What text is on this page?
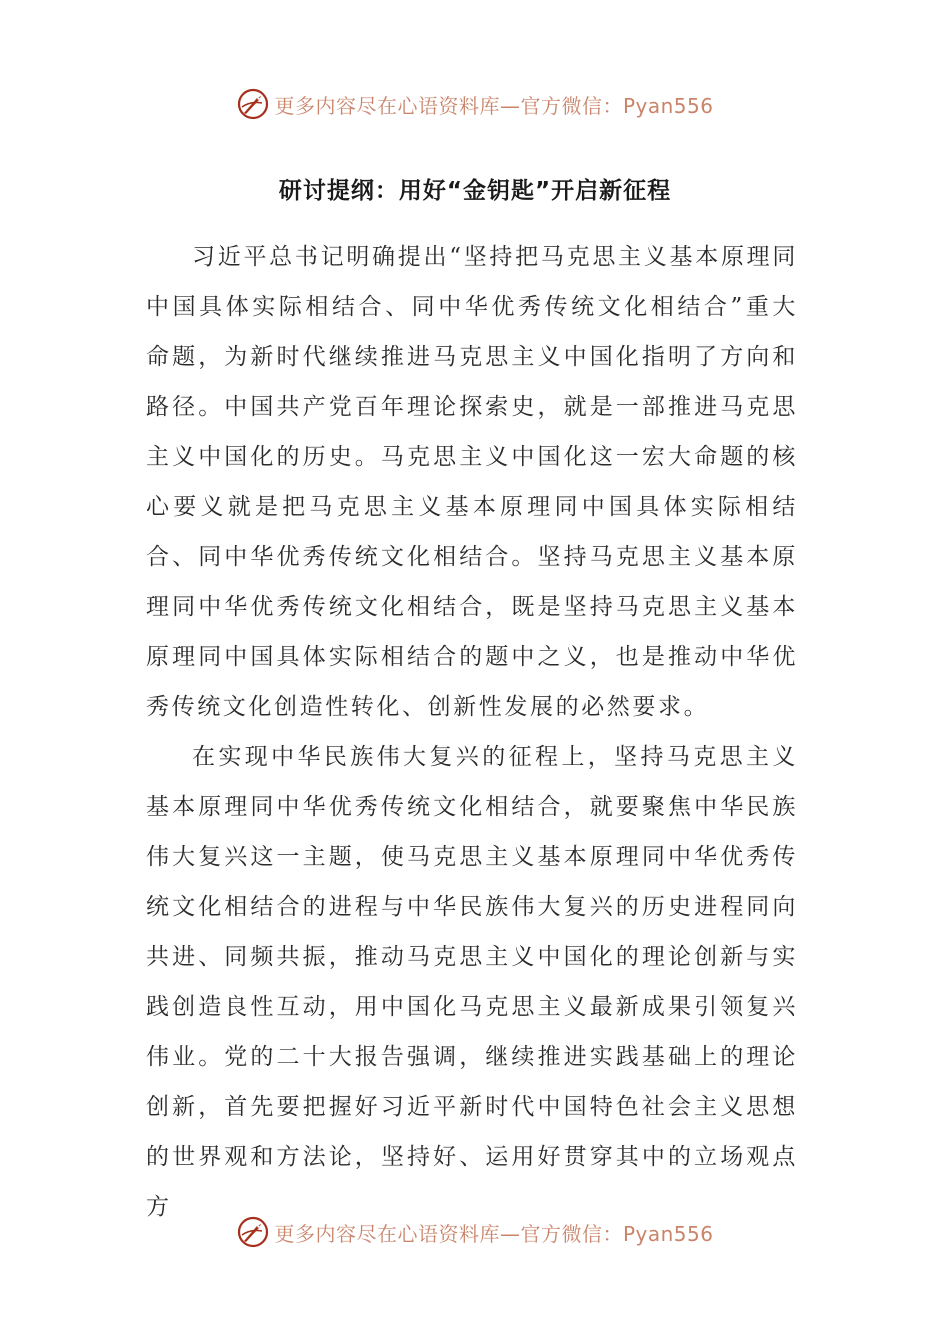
更多内容尽在心语资料库—官方微信：Pyan556
研讨提纲：用好“金钥匙”开启新征程

习近平总书记明确提出“坚持把马克思主义基本原理同中国具体实际相结合、同中华优秀传统文化相结合”重大命题，为新时代继续推进马克思主义中国化指明了方向和路径。中国共产党百年理论探索史，就是一部推进马克思主义中国化的历史。马克思主义中国化这一宏大命题的核心要义就是把马克思主义基本原理同中国具体实际相结合、同中华优秀传统文化相结合。坚持马克思主义基本原理同中华优秀传统文化相结合，既是坚持马克思主义基本原理同中国具体实际相结合的题中之义，也是推动中华优秀传统文化创造性转化、创新性发展的必然要求。

在实现中华民族伟大复兴的征程上，坚持马克思主义基本原理同中华优秀传统文化相结合，就要聚焦中华民族伟大复兴这一主题，使马克思主义基本原理同中华优秀传统文化相结合的进程与中华民族伟大复兴的历史进程同向共进、同频共振，推动马克思主义中国化的理论创新与实践创造良性互动，用中国化马克思主义最新成果引领复兴伟业。党的二十大报告强调，继续推进实践基础上的理论创新，首先要把握好习近平新时代中国特色社会主义思想的世界观和方法论，坚持好、运用好贯穿其中的立场观点方

更多内容尽在心语资料库—官方微信：Pyan556
